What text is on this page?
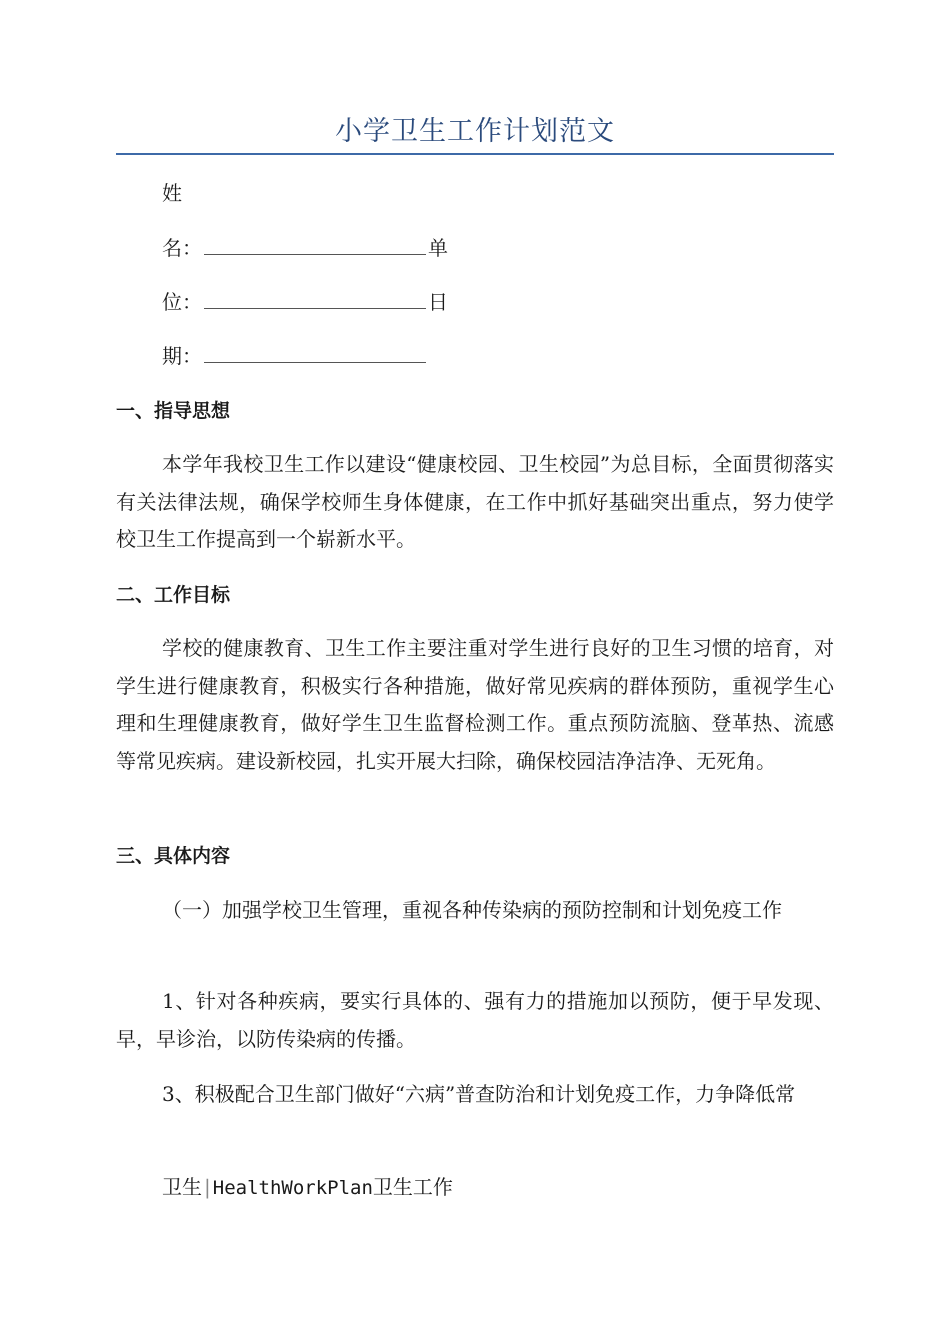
小学卫生工作计划范文
姓
名：	单
位：	日
期：
一、指导思想
本学年我校卫生工作以建设“健康校园、卫生校园”为总目标，全面贯彻落实有关法律法规，确保学校师生身体健康，在工作中抓好基础突出重点，努力使学校卫生工作提高到一个崭新水平。
二、工作目标
学校的健康教育、卫生工作主要注重对学生进行良好的卫生习惯的培育，对学生进行健康教育，积极实行各种措施，做好常见疾病的群体预防，重视学生心理和生理健康教育，做好学生卫生监督检测工作。重点预防流脑、登革热、流感等常见疾病。建设新校园，扎实开展大扫除，确保校园洁净洁净、无死角。
三、具体内容
（一）加强学校卫生管理，重视各种传染病的预防控制和计划免疫工作
1、针对各种疾病，要实行具体的、强有力的措施加以预防，便于早发现、早，早诊治，以防传染病的传播。
3、积极配合卫生部门做好“六病”普查防治和计划免疫工作，力争降低常
卫生 | HealthWorkPlan卫生工作
